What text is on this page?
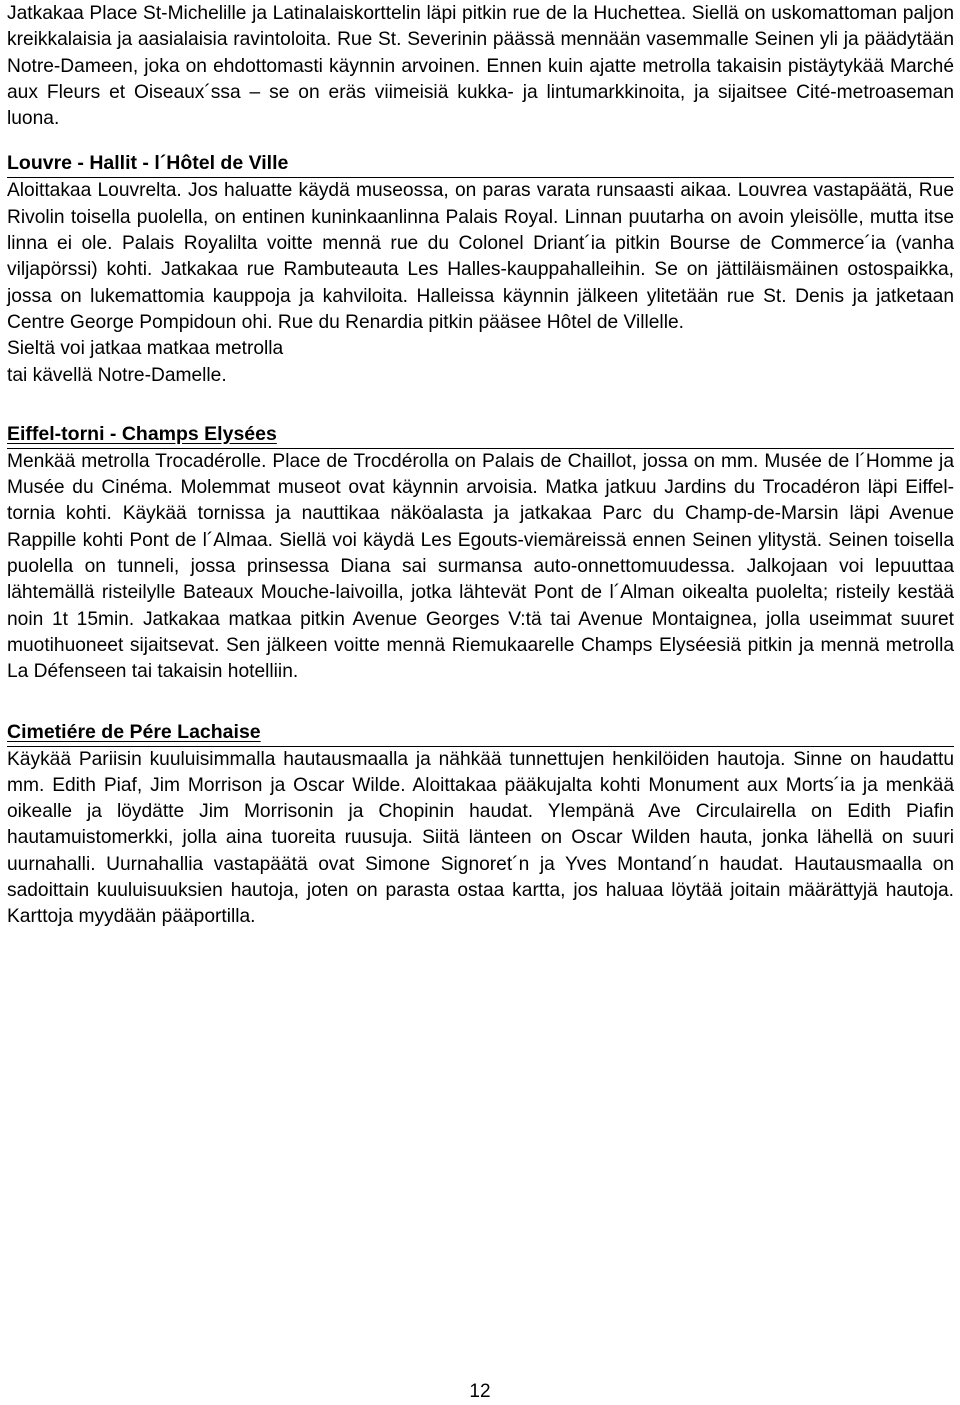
Jatkakaa Place St-Michelille ja Latinalaiskorttelin läpi pitkin rue de la Huchettea. Siellä on uskomattoman paljon kreikkalaisia ja aasialaisia ravintoloita. Rue St. Severinin päässä mennään vasemmalle Seinen yli ja päädytään Notre-Dameen, joka on ehdottomasti käynnin arvoinen. Ennen kuin ajatte metrolla takaisin pistäytykää Marché aux Fleurs et Oiseaux´ssa – se on eräs viimeisiä kukka- ja lintumarkkinoita, ja sijaitsee Cité-metroaseman luona.

Louvre - Hallit - l´Hôtel de Ville

Aloittakaa Louvrelta. Jos haluatte käydä museossa, on paras varata runsaasti aikaa. Louvrea vastapäätä, Rue Rivolin toisella puolella, on entinen kuninkaanlinna Palais Royal. Linnan puutarha on avoin yleisölle, mutta itse linna ei ole. Palais Royalilta voitte mennä rue du Colonel Driant´ia pitkin Bourse de Commerce´ia (vanha viljapörssi) kohti. Jatkakaa rue Rambuteauta Les Halles-kauppahalleihin. Se on jättiläismäinen ostospaikka, jossa on lukemattomia kauppoja ja kahviloita. Halleissa käynnin jälkeen ylitetään rue St. Denis ja jatketaan Centre George Pompidoun ohi. Rue du Renardia pitkin pääsee Hôtel de Villelle.

Sieltä voi jatkaa matkaa metrolla

tai kävellä Notre-Damelle.

Eiffel-torni - Champs Elysées

Menkää metrolla Trocadérolle. Place de Trocdérolla on Palais de Chaillot, jossa on mm. Musée de l´Homme ja Musée du Cinéma. Molemmat museot ovat käynnin arvoisia. Matka jatkuu Jardins du Trocadéron läpi Eiffel-tornia kohti. Käykää tornissa ja nauttikaa näköalasta ja jatkakaa Parc du Champ-de-Marsin läpi Avenue Rappille kohti Pont de l´Almaa. Siellä voi käydä Les Egouts-viemäreissä ennen Seinen ylitystä. Seinen toisella puolella on tunneli, jossa prinsessa Diana sai surmansa auto-onnettomuudessa. Jalkojaan voi lepuuttaa lähtemällä risteilylle Bateaux Mouche-laivoilla, jotka lähtevät Pont de l´Alman oikealta puolelta; risteily kestää noin 1t 15min. Jatkakaa matkaa pitkin Avenue Georges V:tä tai Avenue Montaignea, jolla useimmat suuret muotihuoneet sijaitsevat. Sen jälkeen voitte mennä Riemukaarelle Champs Elyséesiä pitkin ja mennä metrolla La Défenseen tai takaisin hotelliin.

Cimetiére de Pére Lachaise

Käykää Pariisin kuuluisimmalla hautausmaalla ja nähkää tunnettujen henkilöiden hautoja. Sinne on haudattu mm. Edith Piaf, Jim Morrison ja Oscar Wilde. Aloittakaa pääkujalta kohti Monument aux Morts´ia ja menkää oikealle ja löydätte Jim Morrisonin ja Chopinin haudat. Ylempänä Ave Circulairella on Edith Piafin hautamuistomerkki, jolla aina tuoreita ruusuja. Siitä länteen on Oscar Wilden hauta, jonka lähellä on suuri uurnahalli. Uurnahallia vastapäätä ovat Simone Signoret´n ja Yves Montand´n haudat. Hautausmaalla on sadoittain kuuluisuuksien hautoja, joten on parasta ostaa kartta, jos haluaa löytää joitain määrättyjä hautoja. Karttoja myydään pääportilla.

12
